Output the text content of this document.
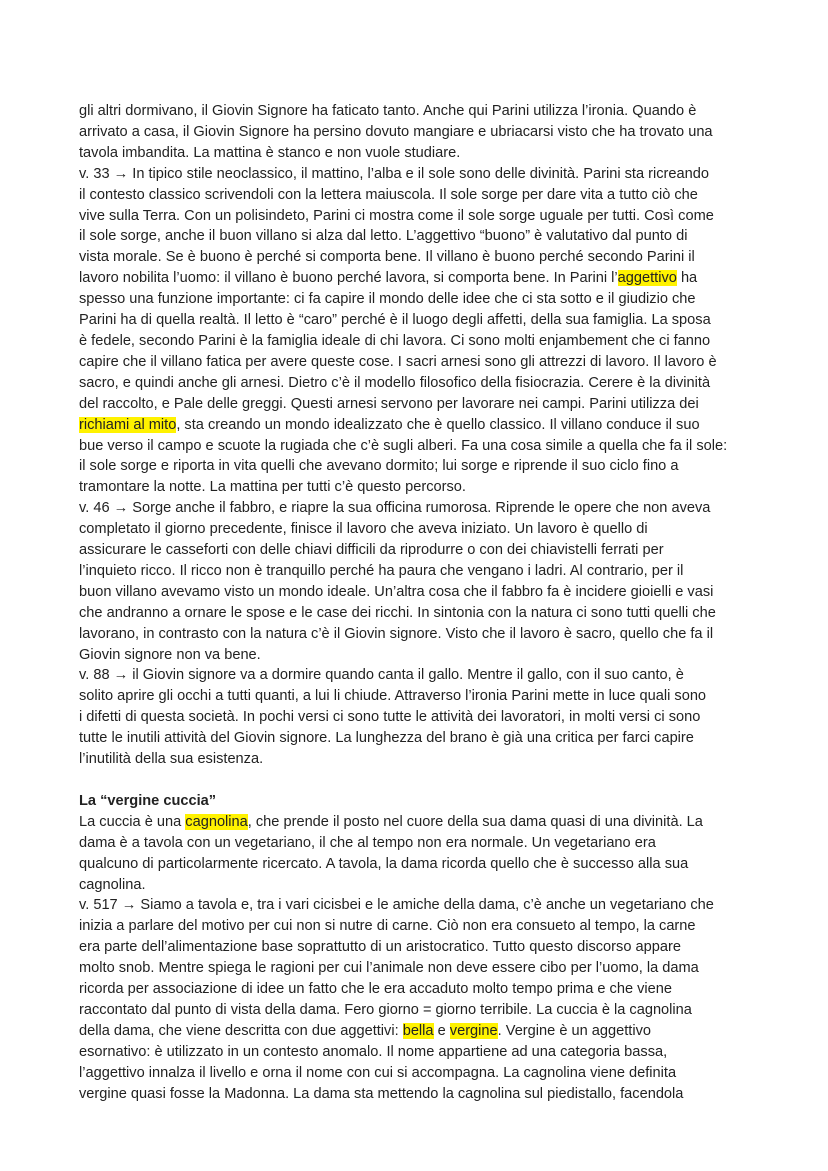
gli altri dormivano, il Giovin Signore ha faticato tanto. Anche qui Parini utilizza l’ironia. Quando è
arrivato a casa, il Giovin Signore ha persino dovuto mangiare e ubriacarsi visto che ha trovato una
tavola imbandita. La mattina è stanco e non vuole studiare.
v. 33 → In tipico stile neoclassico, il mattino, l’alba e il sole sono delle divinità. Parini sta ricreando
il contesto classico scrivendoli con la lettera maiuscola. Il sole sorge per dare vita a tutto ciò che
vive sulla Terra. Con un polisindeto, Parini ci mostra come il sole sorge uguale per tutti. Così come
il sole sorge, anche il buon villano si alza dal letto. L’aggettivo “buono” è valutativo dal punto di
vista morale. Se è buono è perché si comporta bene. Il villano è buono perché secondo Parini il
lavoro nobilita l’uomo: il villano è buono perché lavora, si comporta bene. In Parini l’aggettivo ha
spesso una funzione importante: ci fa capire il mondo delle idee che ci sta sotto e il giudizio che
Parini ha di quella realtà. Il letto è “caro” perché è il luogo degli affetti, della sua famiglia. La sposa
è fedele, secondo Parini è la famiglia ideale di chi lavora. Ci sono molti enjambement che ci fanno
capire che il villano fatica per avere queste cose. I sacri arnesi sono gli attrezzi di lavoro. Il lavoro è
sacro, e quindi anche gli arnesi. Dietro c’è il modello filosofico della fisiocrazia. Cerere è la divinità
del raccolto, e Pale delle greggi. Questi arnesi servono per lavorare nei campi. Parini utilizza dei
richiami al mito, sta creando un mondo idealizzato che è quello classico. Il villano conduce il suo
bue verso il campo e scuote la rugiada che c’è sugli alberi. Fa una cosa simile a quella che fa il sole:
il sole sorge e riporta in vita quelli che avevano dormito; lui sorge e riprende il suo ciclo fino a
tramontare la notte. La mattina per tutti c’è questo percorso.
v. 46 → Sorge anche il fabbro, e riapre la sua officina rumorosa. Riprende le opere che non aveva
completato il giorno precedente, finisce il lavoro che aveva iniziato. Un lavoro è quello di
assicurare le casseforti con delle chiavi difficili da riprodurre o con dei chiavistelli ferrati per
l’inquieto ricco. Il ricco non è tranquillo perché ha paura che vengano i ladri. Al contrario, per il
buon villano avevamo visto un mondo ideale. Un’altra cosa che il fabbro fa è incidere gioielli e vasi
che andranno a ornare le spose e le case dei ricchi. In sintonia con la natura ci sono tutti quelli che
lavorano, in contrasto con la natura c’è il Giovin signore. Visto che il lavoro è sacro, quello che fa il
Giovin signore non va bene.
v. 88 → il Giovin signore va a dormire quando canta il gallo. Mentre il gallo, con il suo canto, è
solito aprire gli occhi a tutti quanti, a lui li chiude. Attraverso l’ironia Parini mette in luce quali sono
i difetti di questa società. In pochi versi ci sono tutte le attività dei lavoratori, in molti versi ci sono
tutte le inutili attività del Giovin signore. La lunghezza del brano è già una critica per farci capire
l’inutilità della sua esistenza.
La “vergine cuccia”
La cuccia è una cagnolina, che prende il posto nel cuore della sua dama quasi di una divinità. La
dama è a tavola con un vegetariano, il che al tempo non era normale. Un vegetariano era
qualcuno di particolarmente ricercato. A tavola, la dama ricorda quello che è successo alla sua
cagnolina.
v. 517 → Siamo a tavola e, tra i vari cicisbei e le amiche della dama, c’è anche un vegetariano che
inizia a parlare del motivo per cui non si nutre di carne. Ciò non era consueto al tempo, la carne
era parte dell’alimentazione base soprattutto di un aristocratico. Tutto questo discorso appare
molto snob. Mentre spiega le ragioni per cui l’animale non deve essere cibo per l’uomo, la dama
ricorda per associazione di idee un fatto che le era accaduto molto tempo prima e che viene
raccontato dal punto di vista della dama. Fero giorno = giorno terribile. La cuccia è la cagnolina
della dama, che viene descritta con due aggettivi: bella e vergine. Vergine è un aggettivo
esornativo: è utilizzato in un contesto anomalo. Il nome appartiene ad una categoria bassa,
l’aggettivo innalza il livello e orna il nome con cui si accompagna. La cagnolina viene definita
vergine quasi fosse la Madonna. La dama sta mettendo la cagnolina sul piedistallo, facendola
